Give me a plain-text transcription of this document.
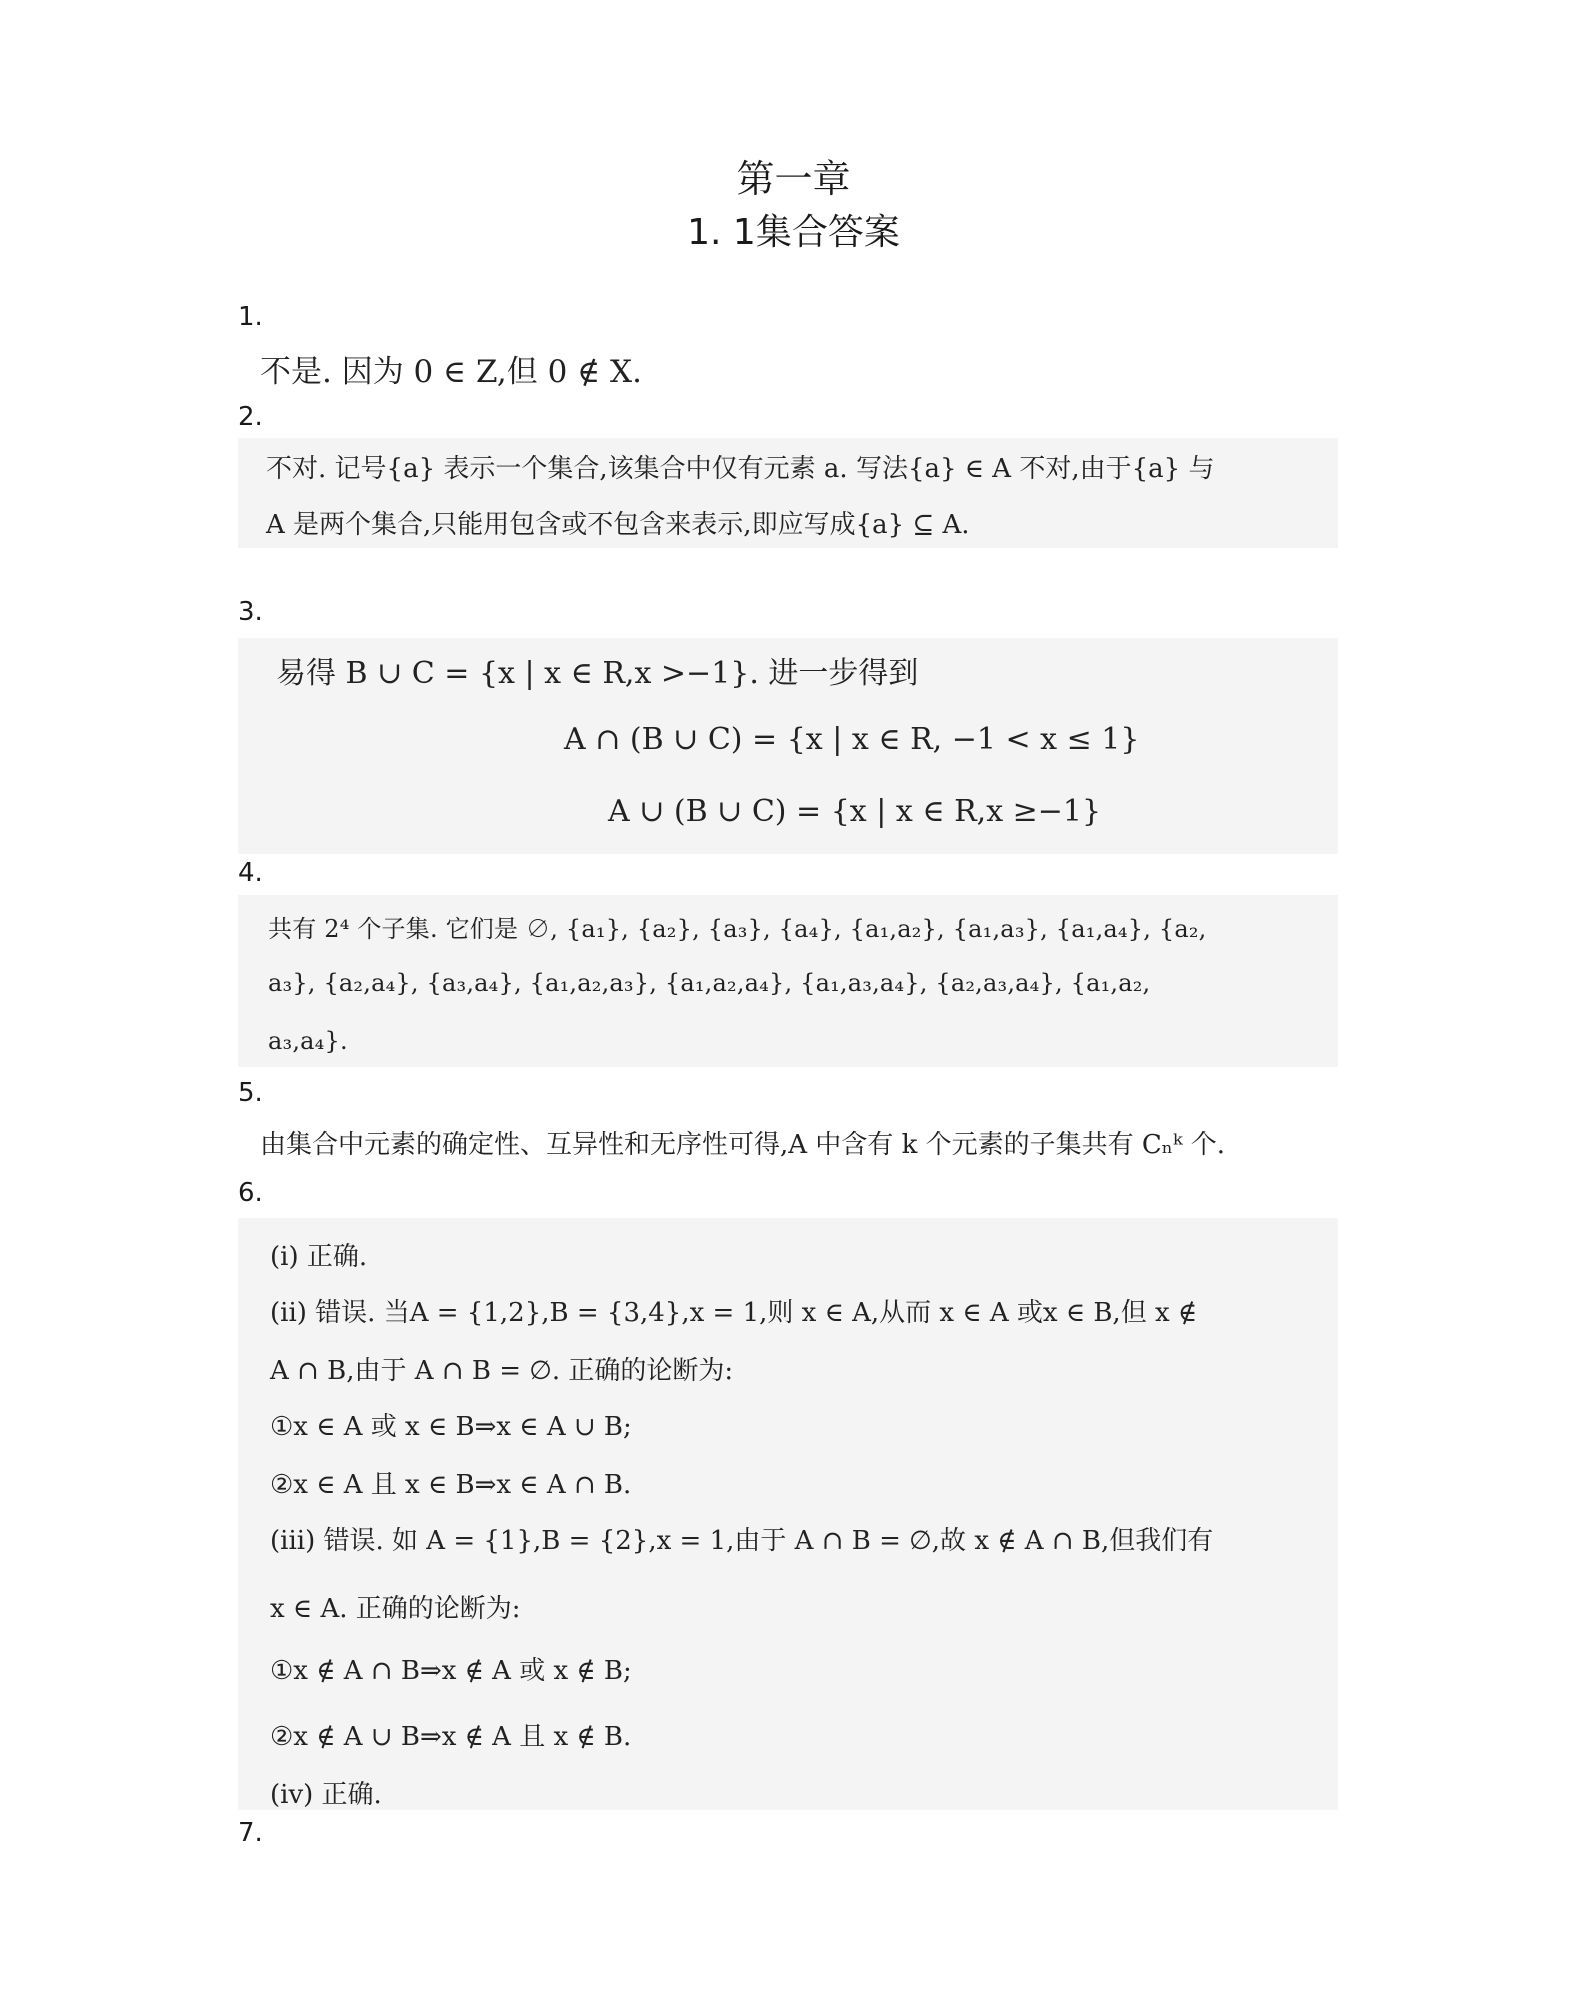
第一章
1. 1集合答案
1.
不是. 因为 0 ∈ Z,但 0 ∉ X.
2.
不对. 记号{a} 表示一个集合,该集合中仅有元素 a. 写法{a} ∈ A 不对,由于{a} 与
A 是两个集合,只能用包含或不包含来表示,即应写成{a} ⊆ A.
3.
易得 B ∪ C = {x | x ∈ R,x >−1}. 进一步得到
A ∩ (B ∪ C) = {x | x ∈ R, −1 < x ≤ 1}
A ∪ (B ∪ C) = {x | x ∈ R,x ≥−1}
4.
共有 2⁴ 个子集. 它们是 ∅, {a₁}, {a₂}, {a₃}, {a₄}, {a₁,a₂}, {a₁,a₃}, {a₁,a₄}, {a₂,
a₃}, {a₂,a₄}, {a₃,a₄}, {a₁,a₂,a₃}, {a₁,a₂,a₄}, {a₁,a₃,a₄}, {a₂,a₃,a₄}, {a₁,a₂,
a₃,a₄}.
5.
由集合中元素的确定性、互异性和无序性可得,A 中含有 k 个元素的子集共有 Cₙᵏ 个.
6.
(i) 正确.
(ii) 错误. 当A = {1,2},B = {3,4},x = 1,则 x ∈ A,从而 x ∈ A 或x ∈ B,但 x ∉
A ∩ B,由于 A ∩ B = ∅. 正确的论断为:
①x ∈ A 或 x ∈ B⇒x ∈ A ∪ B;
②x ∈ A 且 x ∈ B⇒x ∈ A ∩ B.
(iii) 错误. 如 A = {1},B = {2},x = 1,由于 A ∩ B = ∅,故 x ∉ A ∩ B,但我们有
x ∈ A. 正确的论断为:
①x ∉ A ∩ B⇒x ∉ A 或 x ∉ B;
②x ∉ A ∪ B⇒x ∉ A 且 x ∉ B.
(iv) 正确.
7.
